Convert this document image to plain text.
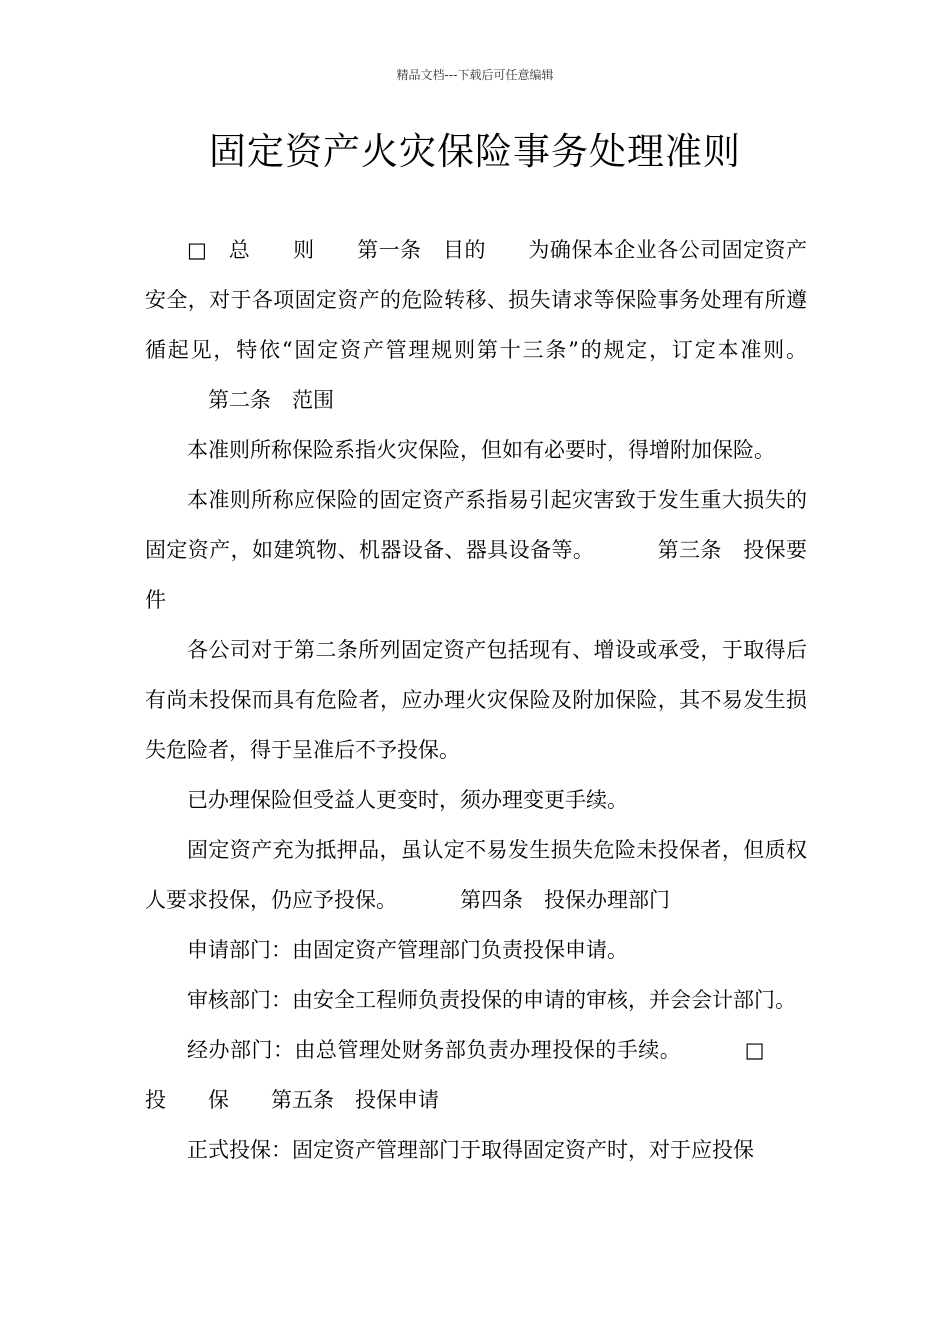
精品文档---下载后可任意编辑
固定资产火灾保险事务处理准则

□ 总　　则 第一条　目的 为确保本企业各公司固定资产安全，对于各项固定资产的危险转移、损失请求等保险事务处理有所遵循起见，特依“固定资产管理规则第十三条”的规定，订定本准则。第二条　范围

本准则所称保险系指火灾保险，但如有必要时，得增附加保险。

本准则所称应保险的固定资产系指易引起灾害致于发生重大损失的固定资产，如建筑物、机器设备、器具设备等。	第三条　投保要件

各公司对于第二条所列固定资产包括现有、增设或承受，于取得后有尚未投保而具有危险者，应办理火灾保险及附加保险，其不易发生损失危险者，得于呈准后不予投保。

已办理保险但受益人更变时，须办理变更手续。

固定资产充为抵押品，虽认定不易发生损失危险未投保者，但质权人要求投保，仍应予投保。	第四条　投保办理部门

申请部门：由固定资产管理部门负责投保申请。

审核部门：由安全工程师负责投保的申请的审核，并会会计部门。

经办部门：由总管理处财务部负责办理投保的手续。	□投　　保 第五条　投保申请

正式投保：固定资产管理部门于取得固定资产时，对于应投保
